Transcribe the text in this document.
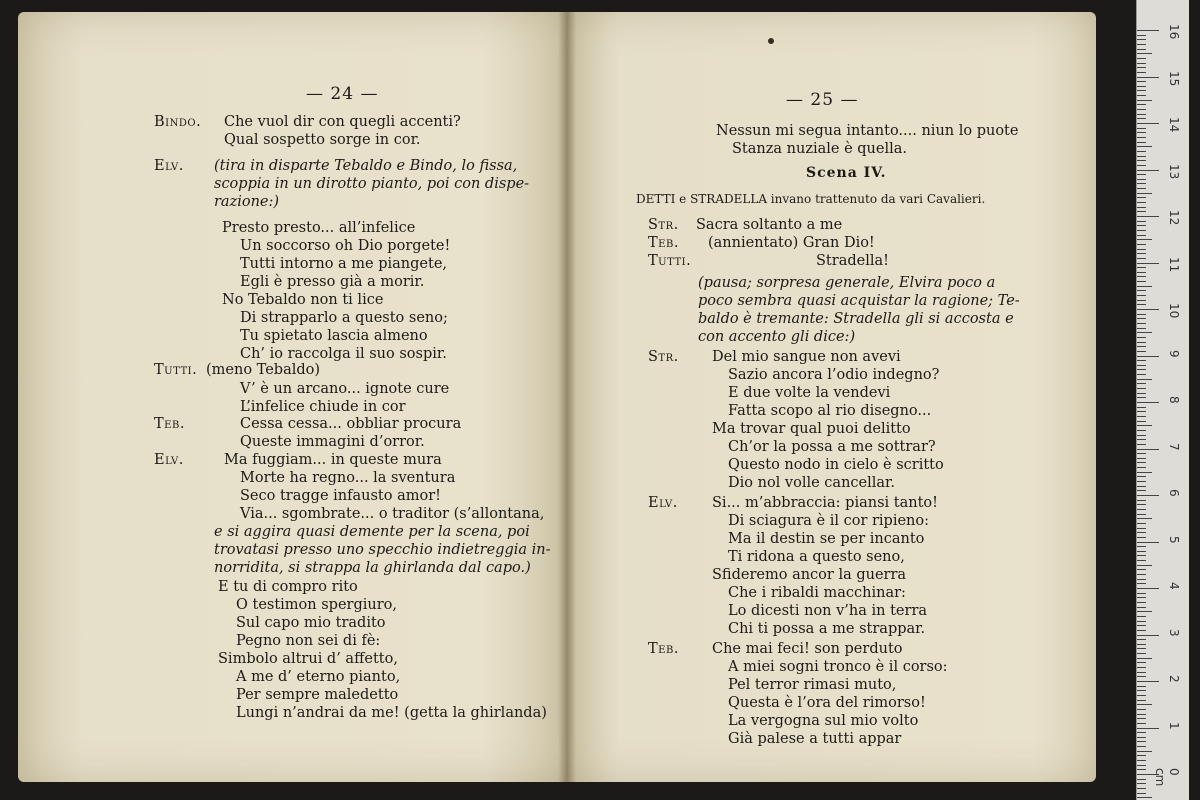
— 24 —
Bindo. Che vuol dir con quegli accenti?
Qual sospetto sorge in cor.
Elv. (tira in disparte Tebaldo e Bindo, lo fissa,
scoppia in un dirotto pianto, poi con dispe-
razione:)
Presto presto... all’infelice
Un soccorso oh Dio porgete!
Tutti intorno a me piangete,
Egli è presso già a morir.
No Tebaldo non ti lice
Di strapparlo a questo seno;
Tu spietato lascia almeno
Ch’ io raccolga il suo sospir.
Tutti. (meno Tebaldo)
V’ è un arcano... ignote cure
L’infelice chiude in cor
Teb.	Cessa cessa... obbliar procura
Queste immagini d’orror.
Elv.	Ma fuggiam... in queste mura
Morte ha regno... la sventura
Seco tragge infausto amor!
Via... sgombrate... o traditor (s’allontana,
e si aggira quasi demente per la scena, poi
trovatasi presso uno specchio indietreggia in-
norridita, si strappa la ghirlanda dal capo.)
E tu di compro rito
O testimon spergiuro,
Sul capo mio tradito
Pegno non sei di fè:
Simbolo altrui d’ affetto,
A me d’ eterno pianto,
Per sempre maledetto
Lungi n’andrai da me! (getta la ghirlanda)
— 25 —
Nessun mi segua intanto.... niun lo puote
Stanza nuziale è quella.
Scena IV.
DETTI e STRADELLA invano trattenuto da vari Cavalieri.
Str. Sacra soltanto a me
Teb. (annientato) Gran Dio!
Tutti.	Stradella!
(pausa; sorpresa generale, Elvira poco a
poco sembra quasi acquistar la ragione; Te-
baldo è tremante: Stradella gli si accosta e
con accento gli dice:)
Str. Del mio sangue non avevi
Sazio ancora l’odio indegno?
E due volte la vendevi
Fatta scopo al rio disegno...
Ma trovar qual puoi delitto
Ch’or la possa a me sottrar?
Questo nodo in cielo è scritto
Dio nol volle cancellar.
Elv. Si... m’abbraccia: piansi tanto!
Di sciagura è il cor ripieno:
Ma il destin se per incanto
Ti ridona a questo seno,
Sfideremo ancor la guerra
Che i ribaldi macchinar:
Lo dicesti non v’ha in terra
Chi ti possa a me strappar.
Teb. Che mai feci! son perduto
A miei sogni tronco è il corso:
Pel terror rimasi muto,
Questa è l’ora del rimorso!
La vergogna sul mio volto
Già palese a tutti appar
16
15
14
13
12
11
10
9
8
7
6
5
4
3
2
1
0 cm
